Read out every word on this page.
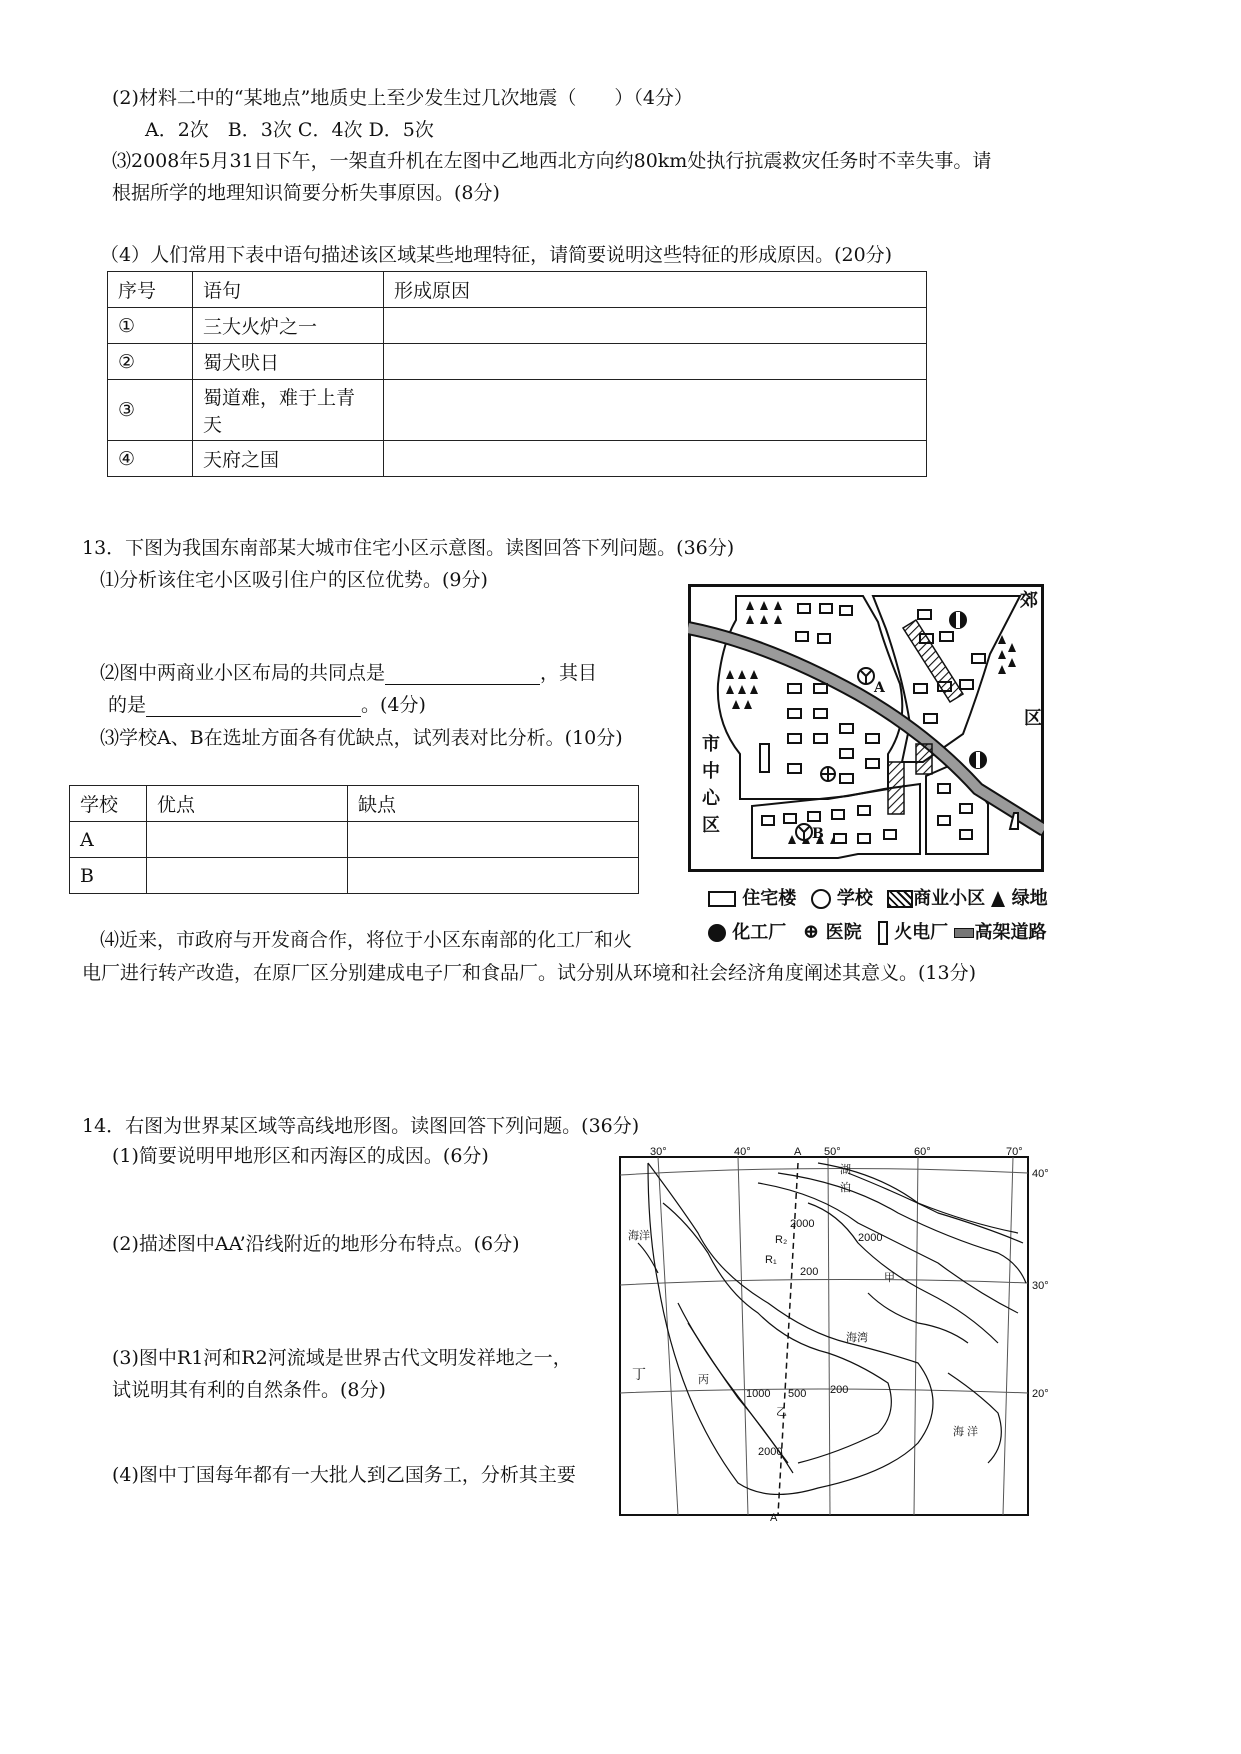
(2)材料二中的“某地点”地质史上至少发生过几次地震（　　）（4分）
A．2次　B．3次 C．4次 D．5次
⑶2008年5月31日下午，一架直升机在左图中乙地西北方向约80km处执行抗震救灾任务时不幸失事。请
根据所学的地理知识简要分析失事原因。(8分)
（4）人们常用下表中语句描述该区域某些地理特征，请简要说明这些特征的形成原因。(20分)
序号	语句	形成原因
①	三大火炉之一	
②	蜀犬吠日	
③	蜀道难，难于上青天	
④	天府之国	
13．下图为我国东南部某大城市住宅小区示意图。读图回答下列问题。(36分)
⑴分析该住宅小区吸引住户的区位优势。(9分)
⑵图中两商业小区布局的共同点是	，其目
的是	。(4分)
⑶学校A、B在选址方面各有优缺点，试列表对比分析。(10分)
学校	优点	缺点
A		
B		
⑷近来，市政府与开发商合作，将位于小区东南部的化工厂和火
电厂进行转产改造，在原厂区分别建成电子厂和食品厂。试分别从环境和社会经济角度阐述其意义。(13分)
A
B
郊
区
市
中
心
区
住宅楼 学校 商业小区 绿地
化工厂 ⊕ 医院 火电厂 高架道路
14．右图为世界某区域等高线地形图。读图回答下列问题。(36分)
(1)简要说明甲地形区和丙海区的成因。(6分)
(2)描述图中AA’沿线附近的地形分布特点。(6分)
(3)图中R1河和R2河流域是世界古代文明发祥地之一，
试说明其有利的自然条件。(8分)
(4)图中丁国每年都有一大批人到乙国务工，分析其主要
30°	40°	50°	60°	70°
40°
30°
20°
A
A'
湖
泊
海洋
海 洋
海湾
甲
乙
丙
丁
R₁
R₂
2000
2000
2000
200
200
1000 500
